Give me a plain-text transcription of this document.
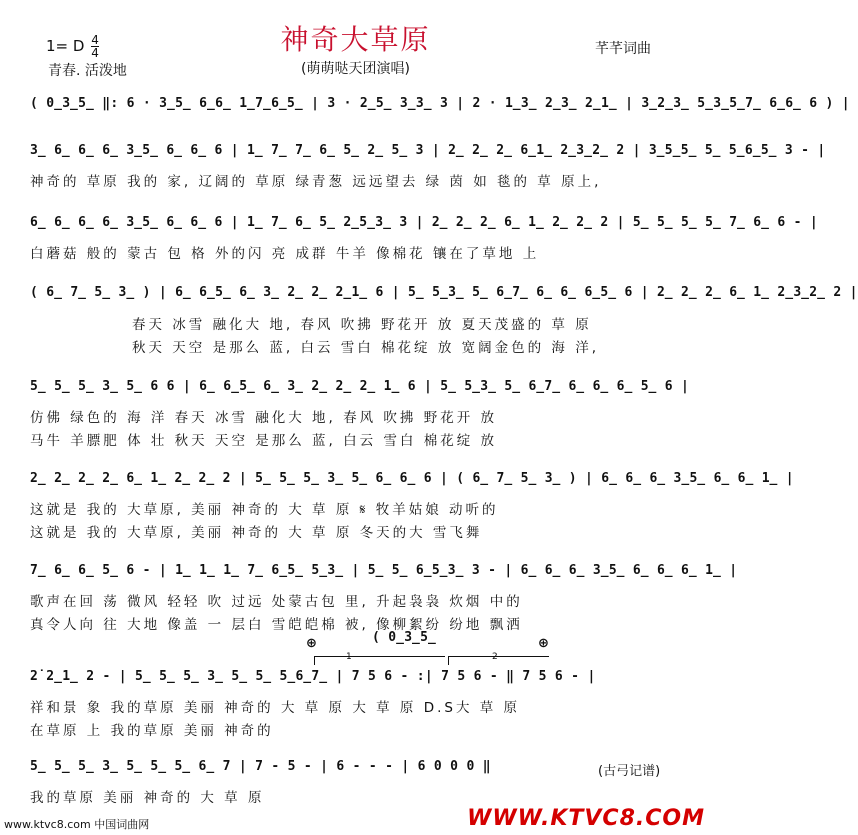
神奇大草原
(萌萌哒天团演唱)
1= D $\frac{4}{4}$
青春. 活泼地
芊芊词曲
( 0̲3̲5̲ ‖: 6 · 3̲5̲ 6̲6̲ 1̲7̲6̲5̲ | 3 · 2̲5̲ 3̲3̲ 3 | 2 · 1̲3̲ 2̲3̲ 2̲1̲ | 3̲2̲3̲ 5̲3̲5̲7̲ 6̲6̲ 6 ) |
3̲ 6̲ 6̲ 6̲ 3̲5̲ 6̲ 6̲ 6 | 1̲ 7̲ 7̲ 6̲ 5̲ 2̲ 5̲ 3 | 2̲ 2̲ 2̲ 6̲1̲ 2̲3̲2̲ 2 | 3̲5̲5̲ 5̲ 5̲6̲5̲ 3 - |
神奇的 草原 我的 家, 辽阔的 草原 绿青葱 远远望去 绿 茵 如 毯的 草 原上,
6̲ 6̲ 6̲ 6̲ 3̲5̲ 6̲ 6̲ 6 | 1̲ 7̲ 6̲ 5̲ 2̲5̲3̲ 3 | 2̲ 2̲ 2̲ 6̲ 1̲ 2̲ 2̲ 2 | 5̲ 5̲ 5̲ 5̲ 7̲ 6̲ 6 - |
白蘑菇 般的 蒙古 包 格 外的闪 亮 成群 牛羊 像棉花 镶在了草地 上
( 6̲ 7̲ 5̲ 3̲ ) | 6̲ 6̲5̲ 6̲ 3̲ 2̲ 2̲ 2̲1̲ 6 | 5̲ 5̲3̲ 5̲ 6̲7̲ 6̲ 6̲ 6̲5̲ 6 | 2̲ 2̲ 2̲ 6̲ 1̲ 2̲3̲2̲ 2 |
春天 冰雪 融化大 地, 春风 吹拂 野花开 放 夏天茂盛的 草 原
秋天 天空 是那么 蓝, 白云 雪白 棉花绽 放 宽阔金色的 海 洋,
5̲ 5̲ 5̲ 3̲ 5̲ 6 6 | 6̲ 6̲5̲ 6̲ 3̲ 2̲ 2̲ 2̲ 1̲ 6 | 5̲ 5̲3̲ 5̲ 6̲7̲ 6̲ 6̲ 6̲ 5̲ 6 |
仿佛 绿色的 海 洋 春天 冰雪 融化大 地, 春风 吹拂 野花开 放
马牛 羊膘肥 体 壮 秋天 天空 是那么 蓝, 白云 雪白 棉花绽 放
2̲ 2̲ 2̲ 2̲ 6̲ 1̲ 2̲ 2̲ 2 | 5̲ 5̲ 5̲ 3̲ 5̲ 6̲ 6̲ 6 | ( 6̲ 7̲ 5̲ 3̲ ) | 6̲ 6̲ 6̲ 3̲5̲ 6̲ 6̲ 1̲ |
这就是 我的 大草原, 美丽 神奇的 大 草 原 𝄋 牧羊姑娘 动听的
这就是 我的 大草原, 美丽 神奇的 大 草 原 冬天的大 雪飞舞
7̲ 6̲ 6̲ 5̲ 6 - | 1̲ 1̲ 1̲ 7̲ 6̲5̲ 5̲3̲ | 5̲ 5̲ 6̲5̲3̲ 3 - | 6̲ 6̲ 6̲ 3̲5̲ 6̲ 6̲ 6̲ 1̲ |
歌声在回 荡 微风 轻轻 吹 过远 处蒙古包 里, 升起袅袅 炊烟 中的
真令人向 往 大地 像盖 一 层白 雪皑皑棉 被, 像柳絮纷 纷地 飘洒
⊕	⊕
( 0̲3̲5̲
1	2
2̇ 2̲1̲ 2 - | 5̲ 5̲ 5̲ 3̲ 5̲ 5̲ 5̲6̲7̲ | 7 5 6 - :| 7 5 6 - ‖ 7 5 6 - |
祥和景 象 我的草原 美丽 神奇的 大 草 原 大 草 原 D.S大 草 原
在草原 上 我的草原 美丽 神奇的
5̲ 5̲ 5̲ 3̲ 5̲ 5̲ 5̲ 6̲ 7 | 7 - 5 - | 6 - - - | 6 0 0 0 ‖
我的草原 美丽 神奇的 大 草 原
(古弓记谱)
www.ktvc8.com 中国词曲网	WWW.KTVC8.COM
